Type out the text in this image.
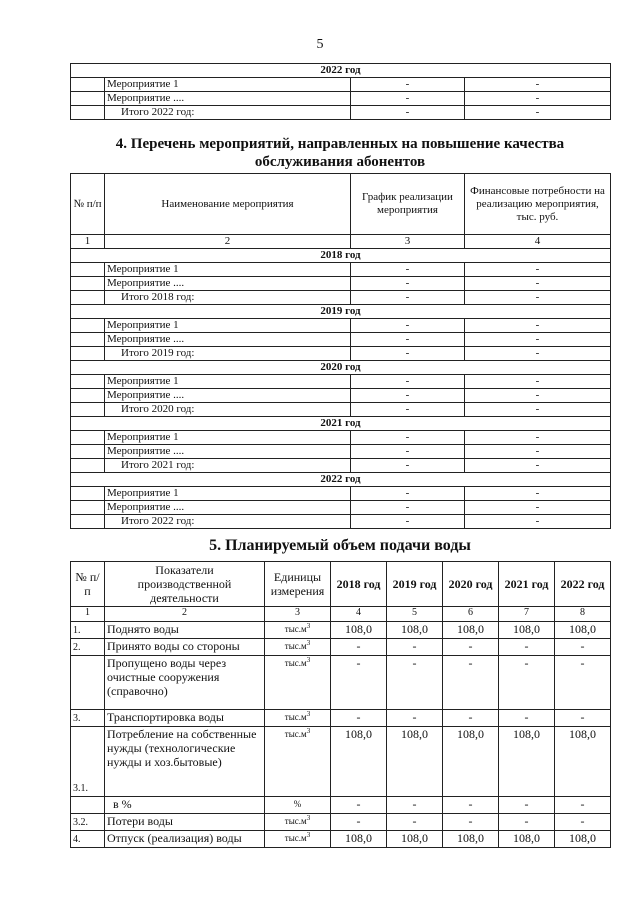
5
2022 год			
	Мероприятие 1	-	-
	Мероприятие ....	-	-
	Итого 2022 год:	-	-
4. Перечень мероприятий, направленных на повышение качества
обслуживания абонентов
№ п/п	Наименование мероприятия	График реализации мероприятия	Финансовые потребности на реализацию мероприятия, тыс. руб.
1	2	3	4
2018 год			
	Мероприятие 1	-	-
	Мероприятие ....	-	-
	Итого 2018 год:	-	-
2019 год			
	Мероприятие 1	-	-
	Мероприятие ....	-	-
	Итого 2019 год:	-	-
2020 год			
	Мероприятие 1	-	-
	Мероприятие ....	-	-
	Итого 2020 год:	-	-
2021 год			
	Мероприятие 1	-	-
	Мероприятие ....	-	-
	Итого 2021 год:	-	-
2022 год			
	Мероприятие 1	-	-
	Мероприятие ....	-	-
	Итого 2022 год:	-	-
5. Планируемый объем подачи воды
№ п/п	Показатели производственной деятельности	Единицы измерения	2018 год	2019 год	2020 год	2021 год	2022 год
1	2	3	4	5	6	7	8
1.	Поднято воды	$тыс.м^3$	108,0	108,0	108,0	108,0	108,0
2.	Принято воды со стороны	$тыс.м^3$	-	-	-	-	-
	Пропущено воды через очистные сооружения (справочно)	$тыс.м^3$	-	-	-	-	-
3.	Транспортировка воды	$тыс.м^3$	-	-	-	-	-
3.1.	Потребление на собственные нужды (технологические нужды и хоз.бытовые)	$тыс.м^3$	108,0	108,0	108,0	108,0	108,0
	в %	%	-	-	-	-	-
3.2.	Потери воды	$тыс.м^3$	-	-	-	-	-
4.	Отпуск (реализация) воды	$тыс.м^3$	108,0	108,0	108,0	108,0	108,0
